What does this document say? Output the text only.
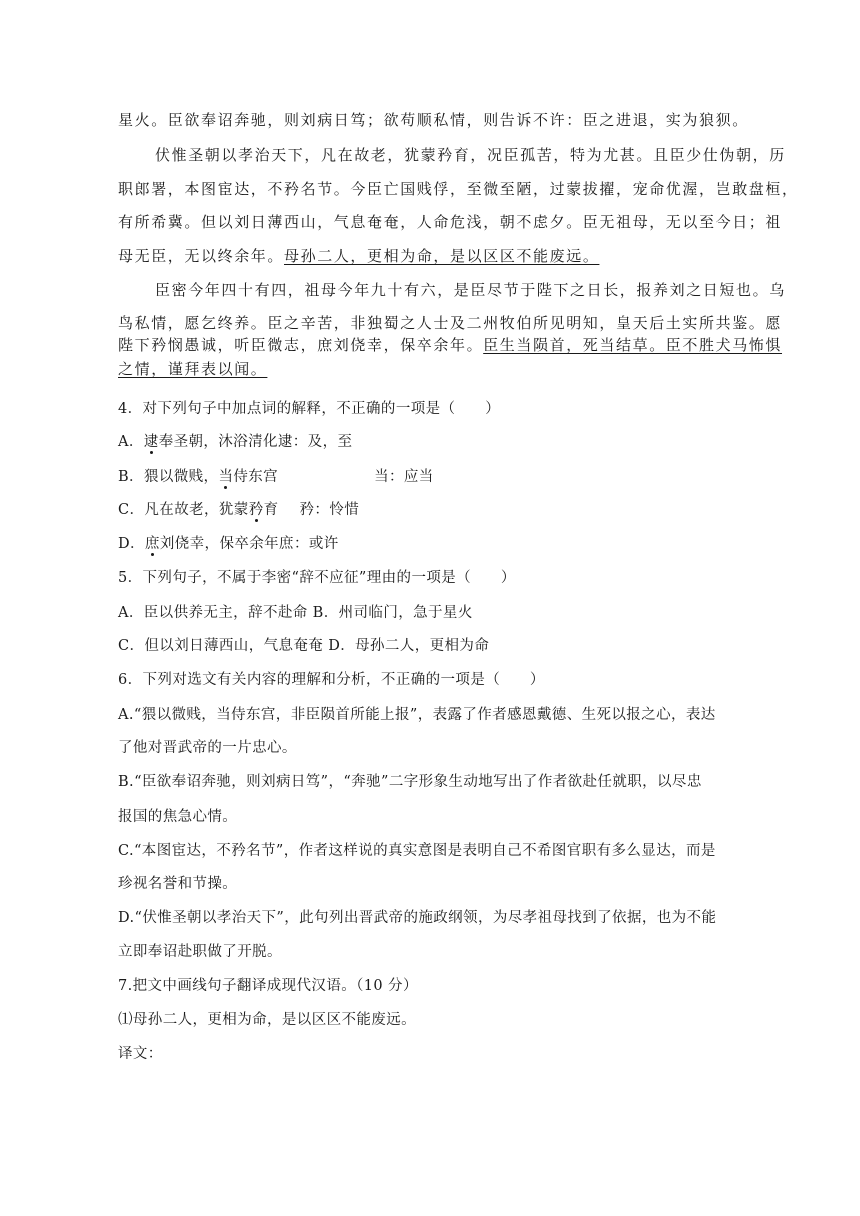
星火。臣欲奉诏奔驰，则刘病日笃；欲苟顺私情，则告诉不许：臣之进退，实为狼狈。
伏惟圣朝以孝治天下，凡在故老，犹蒙矜育，况臣孤苦，特为尤甚。且臣少仕伪朝，历
职郎署，本图宦达，不矜名节。今臣亡国贱俘，至微至陋，过蒙拔擢，宠命优渥，岂敢盘桓，
有所希冀。但以刘日薄西山，气息奄奄，人命危浅，朝不虑夕。臣无祖母，无以至今日；祖
母无臣，无以终余年。母孙二人，更相为命，是以区区不能废远。
臣密今年四十有四，祖母今年九十有六，是臣尽节于陛下之日长，报养刘之日短也。乌
鸟私情，愿乞终养。臣之辛苦，非独蜀之人士及二州牧伯所见明知，皇天后土实所共鉴。愿
陛下矜悯愚诚，听臣微志，庶刘侥幸，保卒余年。臣生当陨首，死当结草。臣不胜犬马怖惧
之情，谨拜表以闻。
4．对下列句子中加点词的解释，不正确的一项是（　　）
A．逮奉圣朝，沐浴清化逮：及，至
B．猥以微贱，当侍东宫	当：应当
C．凡在故老，犹蒙矜育 矜：怜惜
D．庶刘侥幸，保卒余年庶：或许
5．下列句子，不属于李密“辞不应征”理由的一项是（　　）
A．臣以供养无主，辞不赴命 B．州司临门，急于星火
C．但以刘日薄西山，气息奄奄 D．母孙二人，更相为命
6．下列对选文有关内容的理解和分析，不正确的一项是（　　）
A.“猥以微贱，当侍东宫，非臣陨首所能上报”，表露了作者感恩戴德、生死以报之心，表达
了他对晋武帝的一片忠心。
B.“臣欲奉诏奔驰，则刘病日笃”，“奔驰”二字形象生动地写出了作者欲赴任就职，以尽忠
报国的焦急心情。
C.“本图宦达，不矜名节”，作者这样说的真实意图是表明自己不希图官职有多么显达，而是
珍视名誉和节操。
D.“伏惟圣朝以孝治天下”，此句列出晋武帝的施政纲领，为尽孝祖母找到了依据，也为不能
立即奉诏赴职做了开脱。
7.把文中画线句子翻译成现代汉语。（10 分）
⑴母孙二人，更相为命，是以区区不能废远。
译文：
